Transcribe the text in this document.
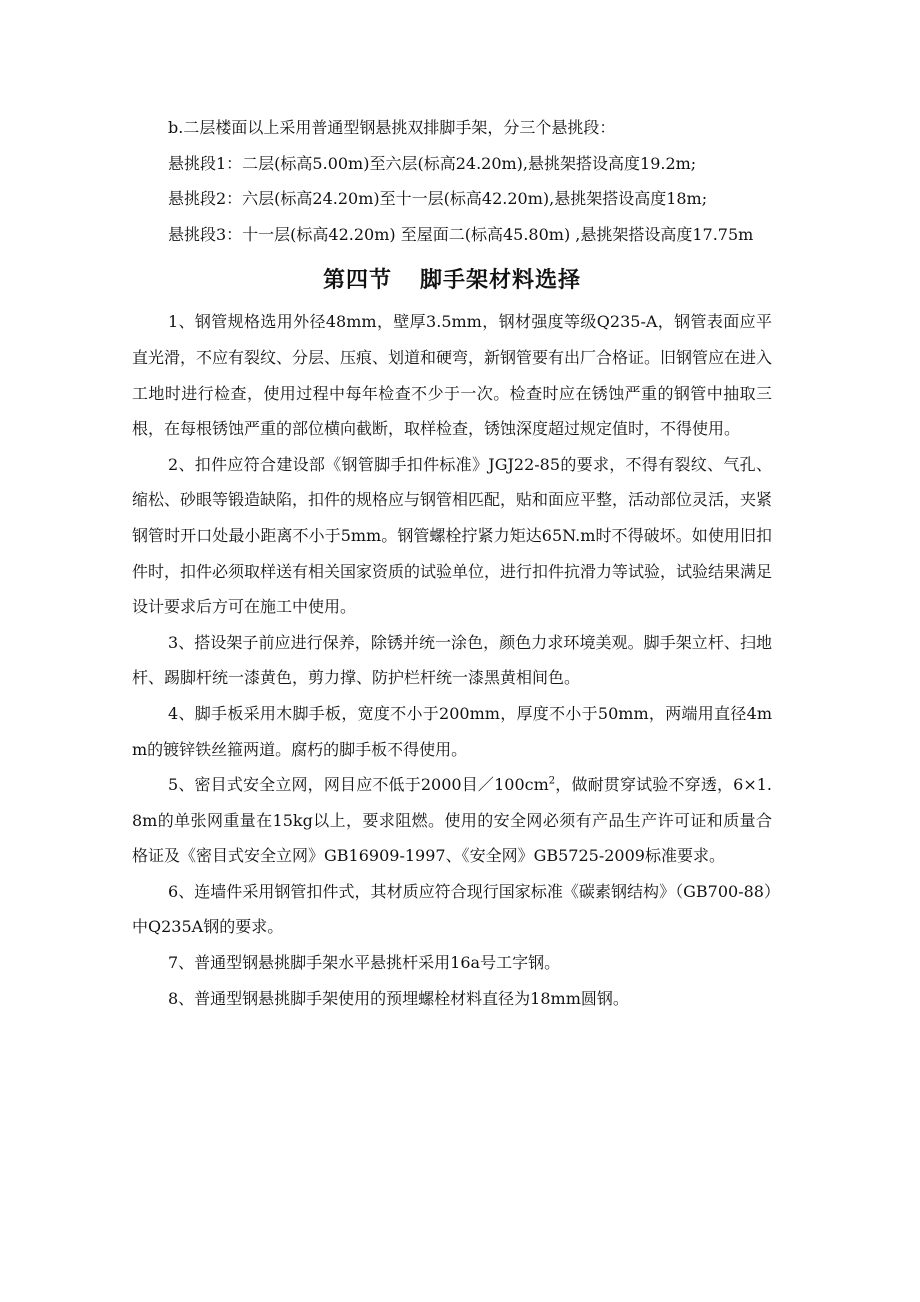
b.二层楼面以上采用普通型钢悬挑双排脚手架，分三个悬挑段：

悬挑段1：二层(标高5.00m)至六层(标高24.20m),悬挑架搭设高度19.2m;

悬挑段2：六层(标高24.20m)至十一层(标高42.20m),悬挑架搭设高度18m;

悬挑段3：十一层(标高42.20m) 至屋面二(标高45.80m) ,悬挑架搭设高度17.75m

第四节 脚手架材料选择

1、钢管规格选用外径48mm，壁厚3.5mm，钢材强度等级Q235-A，钢管表面应平直光滑，不应有裂纹、分层、压痕、划道和硬弯，新钢管要有出厂合格证。旧钢管应在进入工地时进行检查，使用过程中每年检查不少于一次。检查时应在锈蚀严重的钢管中抽取三根，在每根锈蚀严重的部位横向截断，取样检查，锈蚀深度超过规定值时，不得使用。

2、扣件应符合建设部《钢管脚手扣件标准》JGJ22-85的要求，不得有裂纹、气孔、缩松、砂眼等锻造缺陷，扣件的规格应与钢管相匹配，贴和面应平整，活动部位灵活，夹紧钢管时开口处最小距离不小于5mm。钢管螺栓拧紧力矩达65N.m时不得破坏。如使用旧扣件时，扣件必须取样送有相关国家资质的试验单位，进行扣件抗滑力等试验，试验结果满足设计要求后方可在施工中使用。

3、搭设架子前应进行保养，除锈并统一涂色，颜色力求环境美观。脚手架立杆、扫地杆、踢脚杆统一漆黄色，剪力撑、防护栏杆统一漆黑黄相间色。

4、脚手板采用木脚手板，宽度不小于200mm，厚度不小于50mm，两端用直径4mm的镀锌铁丝箍两道。腐朽的脚手板不得使用。

5、密目式安全立网，网目应不低于2000目$/100cm^2$，做耐贯穿试验不穿透，6×1.8m的单张网重量在15kg以上，要求阻燃。使用的安全网必须有产品生产许可证和质量合格证及《密目式安全立网》GB16909-1997、《安全网》GB5725-2009标准要求。

6、连墙件采用钢管扣件式，其材质应符合现行国家标准《碳素钢结构》（GB700-88）中Q235A钢的要求。

7、普通型钢悬挑脚手架水平悬挑杆采用16a号工字钢。

8、普通型钢悬挑脚手架使用的预埋螺栓材料直径为18mm圆钢。
